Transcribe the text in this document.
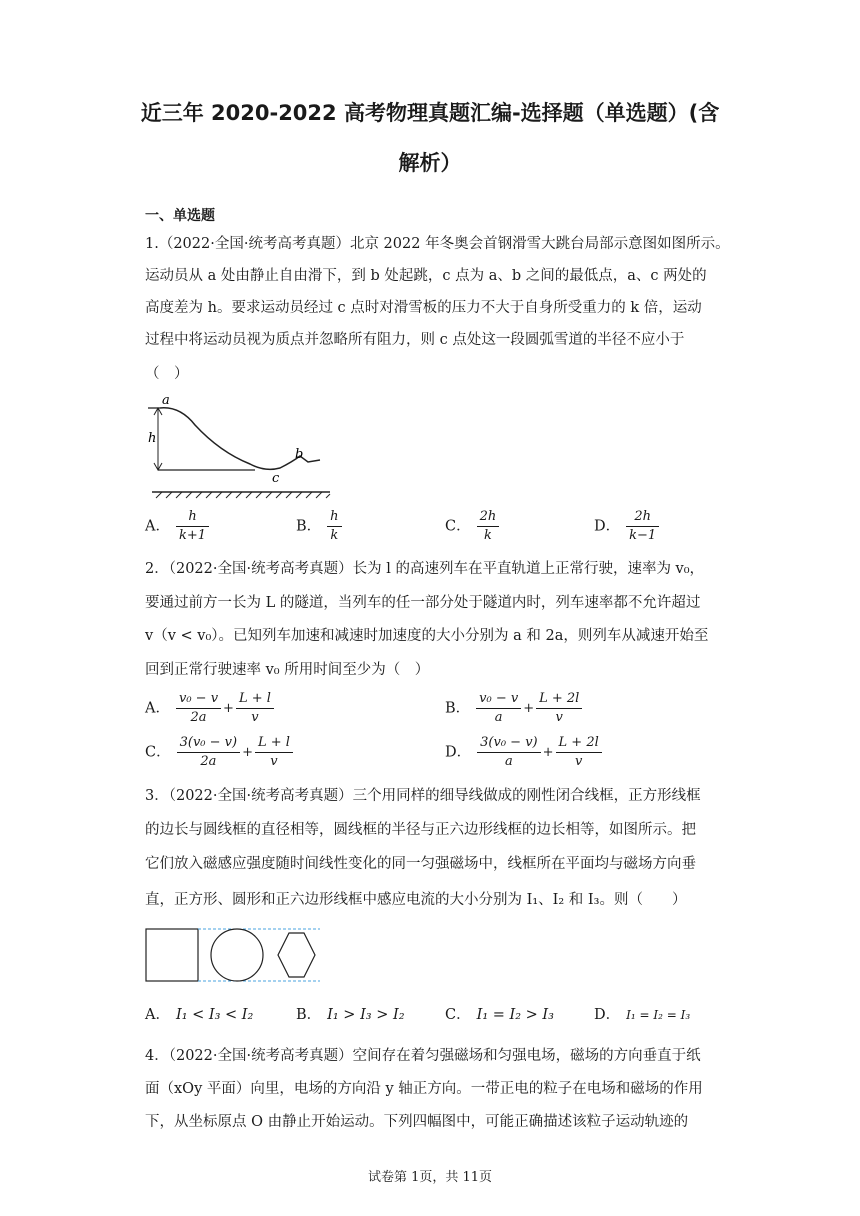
近三年 2020-2022 高考物理真题汇编-选择题（单选题）(含
解析）
一、单选题
1.（2022·全国·统考高考真题）北京 2022 年冬奥会首钢滑雪大跳台局部示意图如图所示。
运动员从 a 处由静止自由滑下，到 b 处起跳，c 点为 a、b 之间的最低点，a、c 两处的
高度差为 h。要求运动员经过 c 点时对滑雪板的压力不大于自身所受重力的 k 倍，运动
过程中将运动员视为质点并忽略所有阻力，则 c 点处这一段圆弧雪道的半径不应小于
（　）
a
h
b
c
A． $\frac{h}{k+1}$	B． $\frac{h}{k}$	C． $\frac{2h}{k}$	D． $\frac{2h}{k-1}$
2．（2022·全国·统考高考真题）长为 l 的高速列车在平直轨道上正常行驶，速率为 v₀，
要通过前方一长为 L 的隧道，当列车的任一部分处于隧道内时，列车速率都不允许超过
v（v < v₀）。已知列车加速和减速时加速度的大小分别为 a 和 2a，则列车从减速开始至
回到正常行驶速率 v₀ 所用时间至少为（　）
A． $\frac{\text{v₀ − v}}{2a} + \frac{L + l}{v}$	B． $\frac{\text{v₀ − v}}{a} + \frac{L + 2l}{v}$
C． $\frac{\text{3(v₀ − v)}}{2a} + \frac{L + l}{v}$	D． $\frac{\text{3(v₀ − v)}}{a} + \frac{L + 2l}{v}$
3．（2022·全国·统考高考真题）三个用同样的细导线做成的刚性闭合线框，正方形线框
的边长与圆线框的直径相等，圆线框的半径与正六边形线框的边长相等，如图所示。把
它们放入磁感应强度随时间线性变化的同一匀强磁场中，线框所在平面均与磁场方向垂
直，正方形、圆形和正六边形线框中感应电流的大小分别为 I₁、I₂ 和 I₃。则（　　）
A． I₁ < I₃ < I₂	B． I₁ > I₃ > I₂	C． I₁ = I₂ > I₃	D． I₁ = I₂ = I₃
4．（2022·全国·统考高考真题）空间存在着匀强磁场和匀强电场，磁场的方向垂直于纸
面（xOy 平面）向里，电场的方向沿 y 轴正方向。一带正电的粒子在电场和磁场的作用
下，从坐标原点 O 由静止开始运动。下列四幅图中，可能正确描述该粒子运动轨迹的
试卷第 1页，共 11页
